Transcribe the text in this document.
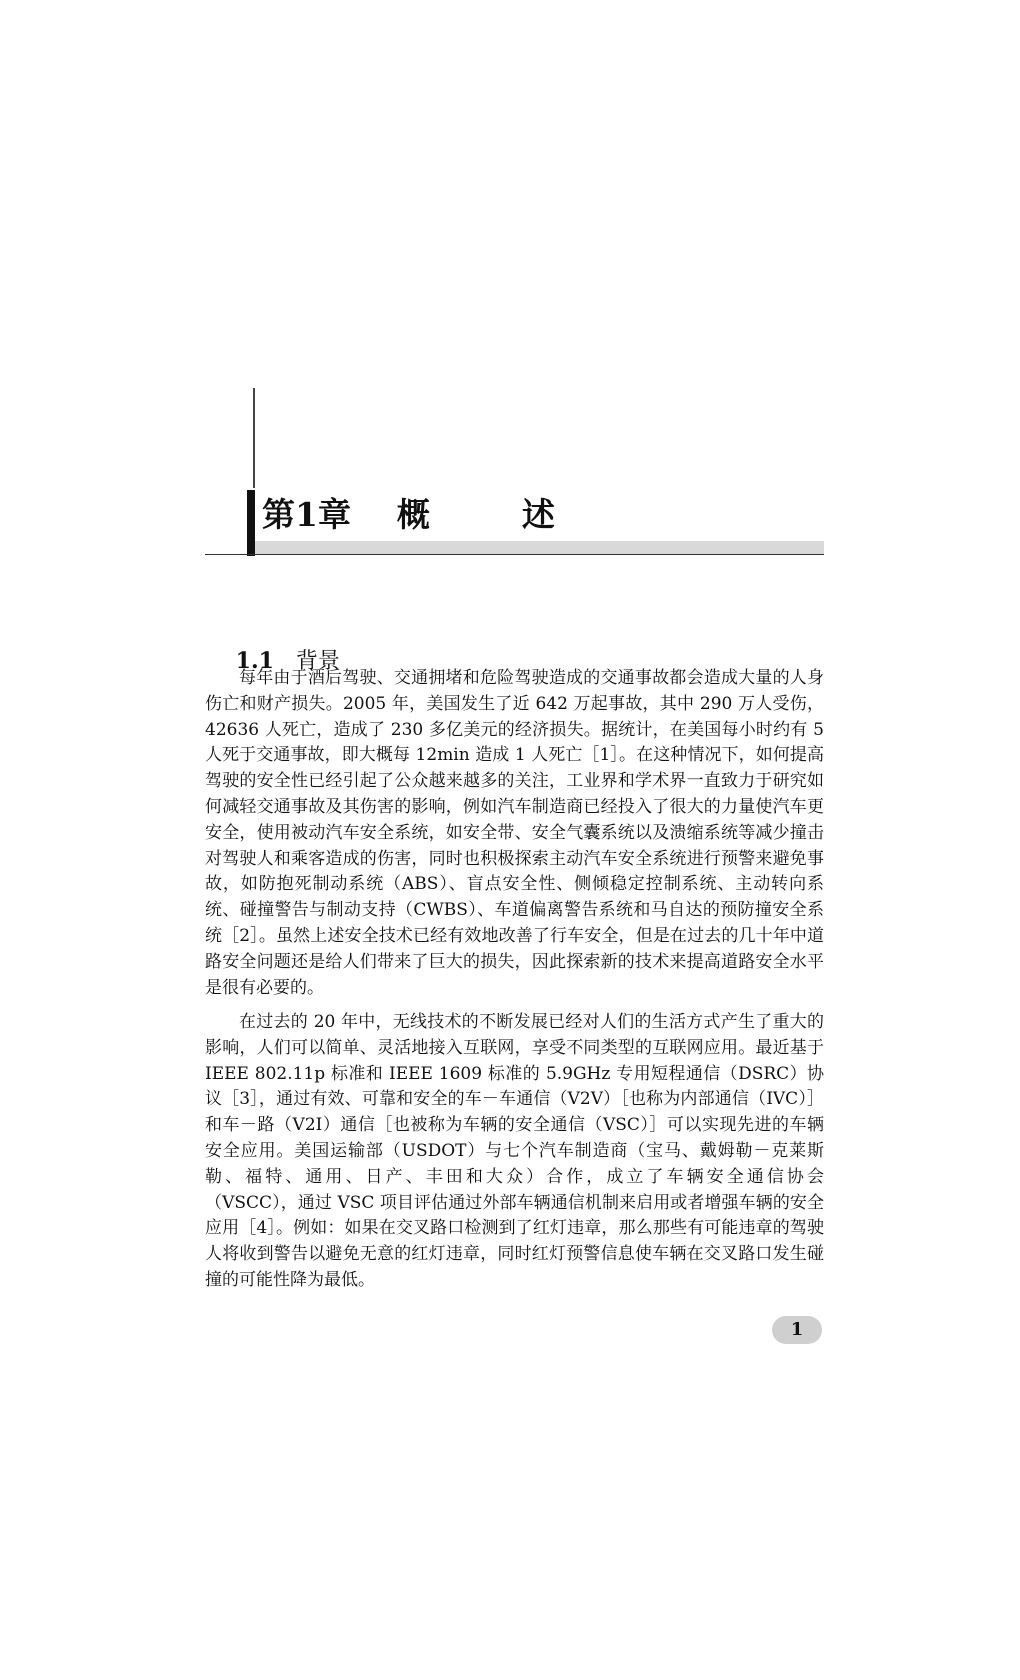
第1章    概        述

1.1 背景

每年由于酒后驾驶、交通拥堵和危险驾驶造成的交通事故都会造成大量的人身伤亡和财产损失。2005 年，美国发生了近 642 万起事故，其中 290 万人受伤，42636 人死亡，造成了 230 多亿美元的经济损失。据统计，在美国每小时约有 5 人死于交通事故，即大概每 12min 造成 1 人死亡［1］。在这种情况下，如何提高驾驶的安全性已经引起了公众越来越多的关注，工业界和学术界一直致力于研究如何减轻交通事故及其伤害的影响，例如汽车制造商已经投入了很大的力量使汽车更安全，使用被动汽车安全系统，如安全带、安全气囊系统以及溃缩系统等减少撞击对驾驶人和乘客造成的伤害，同时也积极探索主动汽车安全系统进行预警来避免事故，如防抱死制动系统（ABS）、盲点安全性、侧倾稳定控制系统、主动转向系统、碰撞警告与制动支持（CWBS）、车道偏离警告系统和马自达的预防撞安全系统［2］。虽然上述安全技术已经有效地改善了行车安全，但是在过去的几十年中道路安全问题还是给人们带来了巨大的损失，因此探索新的技术来提高道路安全水平是很有必要的。

在过去的 20 年中，无线技术的不断发展已经对人们的生活方式产生了重大的影响，人们可以简单、灵活地接入互联网，享受不同类型的互联网应用。最近基于 IEEE 802.11p 标准和 IEEE 1609 标准的 5.9GHz 专用短程通信（DSRC）协议［3］，通过有效、可靠和安全的车－车通信（V2V）［也称为内部通信（IVC）］和车－路（V2I）通信［也被称为车辆的安全通信（VSC）］可以实现先进的车辆安全应用。美国运输部（USDOT）与七个汽车制造商（宝马、戴姆勒－克莱斯勒、福特、通用、日产、丰田和大众）合作，成立了车辆安全通信协会（VSCC），通过 VSC 项目评估通过外部车辆通信机制来启用或者增强车辆的安全应用［4］。例如：如果在交叉路口检测到了红灯违章，那么那些有可能违章的驾驶人将收到警告以避免无意的红灯违章，同时红灯预警信息使车辆在交叉路口发生碰撞的可能性降为最低。

1
